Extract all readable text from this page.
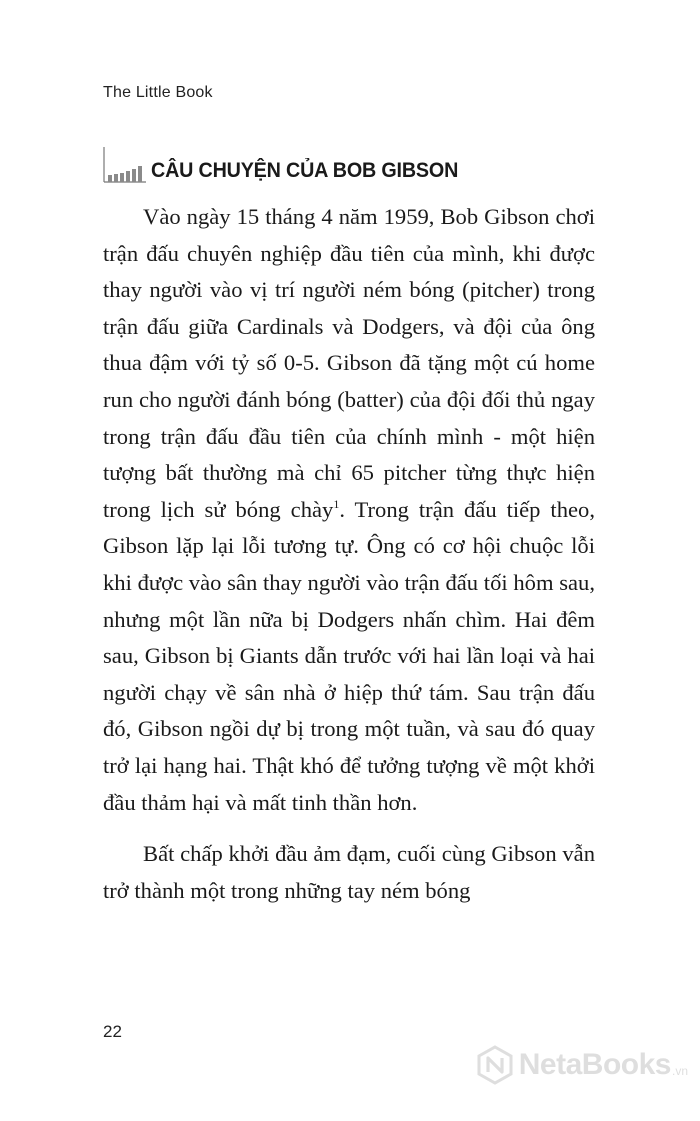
The Little Book
CÂU CHUYỆN CỦA BOB GIBSON

Vào ngày 15 tháng 4 năm 1959, Bob Gibson chơi trận đấu chuyên nghiệp đầu tiên của mình, khi được thay người vào vị trí người ném bóng (pitcher) trong trận đấu giữa Cardinals và Dodgers, và đội của ông thua đậm với tỷ số 0-5. Gibson đã tặng một cú home run cho người đánh bóng (batter) của đội đối thủ ngay trong trận đấu đầu tiên của chính mình - một hiện tượng bất thường mà chỉ 65 pitcher từng thực hiện trong lịch sử bóng chày$^1$. Trong trận đấu tiếp theo, Gibson lặp lại lỗi tương tự. Ông có cơ hội chuộc lỗi khi được vào sân thay người vào trận đấu tối hôm sau, nhưng một lần nữa bị Dodgers nhấn chìm. Hai đêm sau, Gibson bị Giants dẫn trước với hai lần loại và hai người chạy về sân nhà ở hiệp thứ tám. Sau trận đấu đó, Gibson ngồi dự bị trong một tuần, và sau đó quay trở lại hạng hai. Thật khó để tưởng tượng về một khởi đầu thảm hại và mất tinh thần hơn.

Bất chấp khởi đầu ảm đạm, cuối cùng Gibson vẫn trở thành một trong những tay ném bóng

22
NetaBooks .vn
